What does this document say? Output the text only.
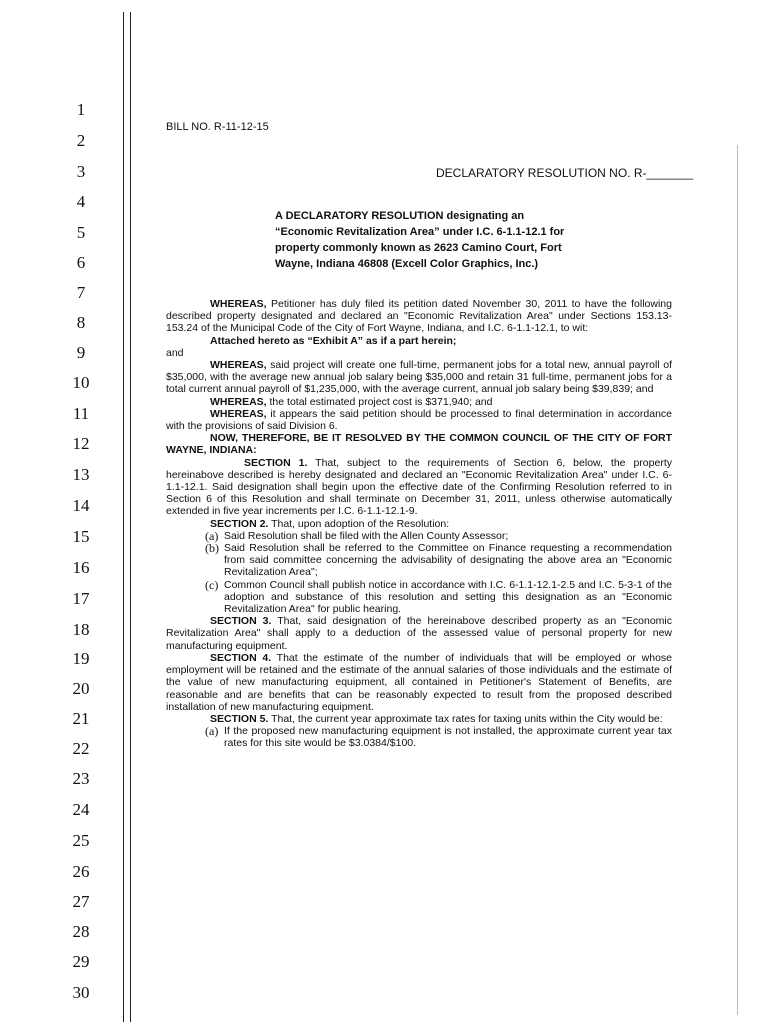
1
2
3
4
5
6
7
8
9
10
11
12
13
14
15
16
17
18
19
20
21
22
23
24
25
26
27
28
29
30
BILL NO. R-11-12-15
DECLARATORY RESOLUTION NO. R-_______
A DECLARATORY RESOLUTION designating an “Economic Revitalization Area” under I.C. 6-1.1-12.1 for property commonly known as 2623 Camino Court, Fort Wayne, Indiana 46808 (Excell Color Graphics, Inc.)

WHEREAS, Petitioner has duly filed its petition dated November 30, 2011 to have the following described property designated and declared an "Economic Revitalization Area" under Sections 153.13-153.24 of the Municipal Code of the City of Fort Wayne, Indiana, and I.C. 6-1.1-12.1, to wit:

Attached hereto as “Exhibit A” as if a part herein;

and

WHEREAS, said project will create one full-time, permanent jobs for a total new, annual payroll of $35,000, with the average new annual job salary being $35,000 and retain 31 full-time, permanent jobs for a total current annual payroll of $1,235,000, with the average current, annual job salary being $39,839; and

WHEREAS, the total estimated project cost is $371,940; and

WHEREAS, it appears the said petition should be processed to final determination in accordance with the provisions of said Division 6.

NOW, THEREFORE, BE IT RESOLVED BY THE COMMON COUNCIL OF THE CITY OF FORT WAYNE, INDIANA:

SECTION 1. That, subject to the requirements of Section 6, below, the property hereinabove described is hereby designated and declared an "Economic Revitalization Area" under I.C. 6-1.1-12.1. Said designation shall begin upon the effective date of the Confirming Resolution referred to in Section 6 of this Resolution and shall terminate on December 31, 2011, unless otherwise automatically extended in five year increments per I.C. 6-1.1-12.1-9.

SECTION 2. That, upon adoption of the Resolution:

(a) Said Resolution shall be filed with the Allen County Assessor;
(b) Said Resolution shall be referred to the Committee on Finance requesting a recommendation from said committee concerning the advisability of designating the above area an "Economic Revitalization Area";
(c) Common Council shall publish notice in accordance with I.C. 6-1.1-12.1-2.5 and I.C. 5-3-1 of the adoption and substance of this resolution and setting this designation as an "Economic Revitalization Area" for public hearing.

SECTION 3. That, said designation of the hereinabove described property as an "Economic Revitalization Area" shall apply to a deduction of the assessed value of personal property for new manufacturing equipment.

SECTION 4. That the estimate of the number of individuals that will be employed or whose employment will be retained and the estimate of the annual salaries of those individuals and the estimate of the value of new manufacturing equipment, all contained in Petitioner's Statement of Benefits, are reasonable and are benefits that can be reasonably expected to result from the proposed described installation of new manufacturing equipment.

SECTION 5. That, the current year approximate tax rates for taxing units within the City would be:

(a) If the proposed new manufacturing equipment is not installed, the approximate current year tax rates for this site would be $3.0384/$100.
